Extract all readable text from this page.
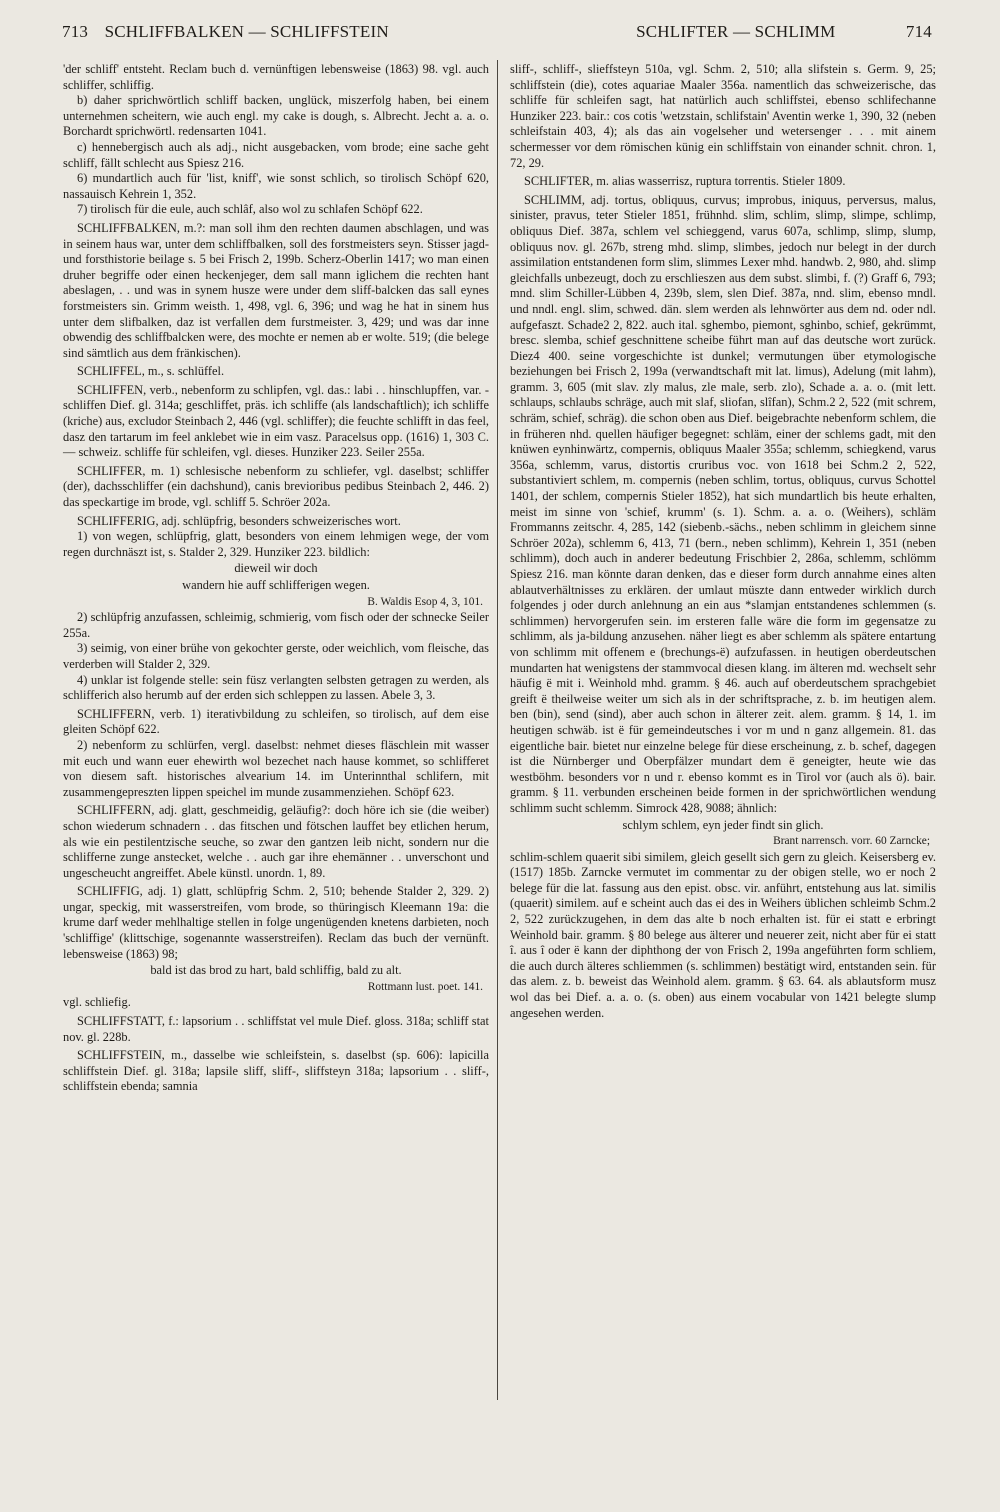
713 SCHLIFFBALKEN — SCHLIFFSTEIN	SCHLIFTER — SCHLIMM	714

'der schliff' entsteht. Reclam buch d. vernünftigen lebensweise (1863) 98. vgl. auch schliffer, schliffig.

b) daher sprichwörtlich schliff backen, unglück, miszerfolg haben, bei einem unternehmen scheitern, wie auch engl. my cake is dough, s. Albrecht. Jecht a. a. o. Borchardt sprichwörtl. redensarten 1041.

c) hennebergisch auch als adj., nicht ausgebacken, vom brode; eine sache geht schliff, fällt schlecht aus Spiesz 216.

6) mundartlich auch für 'list, kniff', wie sonst schlich, so tirolisch Schöpf 620, nassauisch Kehrein 1, 352.

7) tirolisch für die eule, auch schlâf, also wol zu schlafen Schöpf 622.

SCHLIFFBALKEN, m.?: man soll ihm den rechten daumen abschlagen, und was in seinem haus war, unter dem schliffbalken, soll des forstmeisters seyn. Stisser jagd- und forsthistorie beilage s. 5 bei Frisch 2, 199b. Scherz-Oberlin 1417; wo man einen druher begriffe oder einen heckenjeger, dem sall mann iglichem die rechten hant abeslagen, . . und was in synem husze were under dem sliff-balcken das sall eynes forstmeisters sin. Grimm weisth. 1, 498, vgl. 6, 396; und wag he hat in sinem hus unter dem slifbalken, daz ist verfallen dem furstmeister. 3, 429; und was dar inne obwendig des schliffbalcken were, des mochte er nemen ab er wolte. 519; (die belege sind sämtlich aus dem fränkischen).

SCHLIFFEL, m., s. schlüffel.

SCHLIFFEN, verb., nebenform zu schlipfen, vgl. das.: labi . . hinschlupffen, var. -schliffen Dief. gl. 314a; geschliffet, präs. ich schliffe (als landschaftlich); ich schliffe (kriche) aus, excludor Steinbach 2, 446 (vgl. schliffer); die feuchte schlifft in das feel, dasz den tartarum im feel anklebet wie in eim vasz. Paracelsus opp. (1616) 1, 303 C. — schweiz. schliffe für schleifen, vgl. dieses. Hunziker 223. Seiler 255a.

SCHLIFFER, m. 1) schlesische nebenform zu schliefer, vgl. daselbst; schliffer (der), dachsschliffer (ein dachshund), canis brevioribus pedibus Steinbach 2, 446. 2) das speckartige im brode, vgl. schliff 5. Schröer 202a.

SCHLIFFERIG, adj. schlüpfrig, besonders schweizerisches wort.

1) von wegen, schlüpfrig, glatt, besonders von einem lehmigen wege, der vom regen durchnäszt ist, s. Stalder 2, 329. Hunziker 223. bildlich:

dieweil wir doch

wandern hie auff schlifferigen wegen.

B. Waldis Esop 4, 3, 101.

2) schlüpfrig anzufassen, schleimig, schmierig, vom fisch oder der schnecke Seiler 255a.

3) seimig, von einer brühe von gekochter gerste, oder weichlich, vom fleische, das verderben will Stalder 2, 329.

4) unklar ist folgende stelle: sein füsz verlangten selbsten getragen zu werden, als schlifferich also herumb auf der erden sich schleppen zu lassen. Abele 3, 3.

SCHLIFFERN, verb. 1) iterativbildung zu schleifen, so tirolisch, auf dem eise gleiten Schöpf 622.

2) nebenform zu schlürfen, vergl. daselbst: nehmet dieses fläschlein mit wasser mit euch und wann euer ehewirth wol bezechet nach hause kommet, so schlifferet von diesem saft. historisches alvearium 14. im Unterinnthal schlifern, mit zusammengepreszten lippen speichel im munde zusammenziehen. Schöpf 623.

SCHLIFFERN, adj. glatt, geschmeidig, geläufig?: doch höre ich sie (die weiber) schon wiederum schnadern . . das fitschen und fötschen lauffet bey etlichen herum, als wie ein pestilentzische seuche, so zwar den gantzen leib nicht, sondern nur die schlifferne zunge anstecket, welche . . auch gar ihre ehemänner . . unverschont und ungescheucht angreiffet. Abele künstl. unordn. 1, 89.

SCHLIFFIG, adj. 1) glatt, schlüpfrig Schm. 2, 510; behende Stalder 2, 329. 2) ungar, speckig, mit wasserstreifen, vom brode, so thüringisch Kleemann 19a: die krume darf weder mehlhaltige stellen in folge ungenügenden knetens darbieten, noch 'schliffige' (klittschige, sogenannte wasserstreifen). Reclam das buch der vernünft. lebensweise (1863) 98;

bald ist das brod zu hart, bald schliffig, bald zu alt.

Rottmann lust. poet. 141.

vgl. schliefig.

SCHLIFFSTATT, f.: lapsorium . . schliffstat vel mule Dief. gloss. 318a; schliff stat nov. gl. 228b.

SCHLIFFSTEIN, m., dasselbe wie schleifstein, s. daselbst (sp. 606): lapicilla schliffstein Dief. gl. 318a; lapsile sliff, sliff-, sliffsteyn 318a; lapsorium . . sliff-, schliffstein ebenda; samnia

sliff-, schliff-, slieffsteyn 510a, vgl. Schm. 2, 510; alla slifstein s. Germ. 9, 25; schliffstein (die), cotes aquariae Maaler 356a. namentlich das schweizerische, das schliffe für schleifen sagt, hat natürlich auch schliffstei, ebenso schlifechanne Hunziker 223. bair.: cos cotis 'wetzstain, schlifstain' Aventin werke 1, 390, 32 (neben schleifstain 403, 4); als das ain vogelseher und wetersenger . . . mit ainem schermesser vor dem römischen künig ein schliffstain von einander schnit. chron. 1, 72, 29.

SCHLIFTER, m. alias wasserrisz, ruptura torrentis. Stieler 1809.

SCHLIMM, adj. tortus, obliquus, curvus; improbus, iniquus, perversus, malus, sinister, pravus, teter Stieler 1851, frühnhd. slim, schlim, slimp, slimpe, schlimp, obliquus Dief. 387a, schlem vel schieggend, varus 607a, schlimp, slimp, slump, obliquus nov. gl. 267b, streng mhd. slimp, slimbes, jedoch nur belegt in der durch assimilation entstandenen form slim, slimmes Lexer mhd. handwb. 2, 980, ahd. slimp gleichfalls unbezeugt, doch zu erschlieszen aus dem subst. slimbi, f. (?) Graff 6, 793; mnd. slim Schiller-Lübben 4, 239b, slem, slen Dief. 387a, nnd. slim, ebenso mndl. und nndl. engl. slim, schwed. dän. slem werden als lehnwörter aus dem nd. oder ndl. aufgefaszt. Schade2 2, 822. auch ital. sghembo, piemont, sghinbo, schief, gekrümmt, bresc. slemba, schief geschnittene scheibe führt man auf das deutsche wort zurück. Diez4 400. seine vorgeschichte ist dunkel; vermutungen über etymologische beziehungen bei Frisch 2, 199a (verwandtschaft mit lat. limus), Adelung (mit lahm), gramm. 3, 605 (mit slav. zly malus, zle male, serb. zlo), Schade a. a. o. (mit lett. schlaups, schlaubs schräge, auch mit slaf, sliofan, slîfan), Schm.2 2, 522 (mit schrem, schräm, schief, schräg). die schon oben aus Dief. beigebrachte nebenform schlem, die in früheren nhd. quellen häufiger begegnet: schläm, einer der schlems gadt, mit den knüwen eynhinwärtz, compernis, obliquus Maaler 355a; schlemm, schiegkend, varus 356a, schlemm, varus, distortis cruribus voc. von 1618 bei Schm.2 2, 522, substantiviert schlem, m. compernis (neben schlim, tortus, obliquus, curvus Schottel 1401, der schlem, compernis Stieler 1852), hat sich mundartlich bis heute erhalten, meist im sinne von 'schief, krumm' (s. 1). Schm. a. a. o. (Weihers), schläm Frommanns zeitschr. 4, 285, 142 (siebenb.-sächs., neben schlimm in gleichem sinne Schröer 202a), schlemm 6, 413, 71 (bern., neben schlimm), Kehrein 1, 351 (neben schlimm), doch auch in anderer bedeutung Frischbier 2, 286a, schlemm, schlömm Spiesz 216. man könnte daran denken, das e dieser form durch annahme eines alten ablautverhältnisses zu erklären. der umlaut müszte dann entweder wirklich durch folgendes j oder durch anlehnung an ein aus *slamjan entstandenes schlemmen (s. schlimmen) hervorgerufen sein. im ersteren falle wäre die form im gegensatze zu schlimm, als ja-bildung anzusehen. näher liegt es aber schlemm als spätere entartung von schlimm mit offenem e (brechungs-ë) aufzufassen. in heutigen oberdeutschen mundarten hat wenigstens der stammvocal diesen klang. im älteren md. wechselt sehr häufig ë mit i. Weinhold mhd. gramm. § 46. auch auf oberdeutschem sprachgebiet greift ë theilweise weiter um sich als in der schriftsprache, z. b. im heutigen alem. ben (bin), send (sind), aber auch schon in älterer zeit. alem. gramm. § 14, 1. im heutigen schwäb. ist ë für gemeindeutsches i vor m und n ganz allgemein. 81. das eigentliche bair. bietet nur einzelne belege für diese erscheinung, z. b. schef, dagegen ist die Nürnberger und Oberpfälzer mundart dem ë geneigter, heute wie das westböhm. besonders vor n und r. ebenso kommt es in Tirol vor (auch als ö). bair. gramm. § 11. verbunden erscheinen beide formen in der sprichwörtlichen wendung schlimm sucht schlemm. Simrock 428, 9088; ähnlich:

schlym schlem, eyn jeder findt sin glich.

Brant narrensch. vorr. 60 Zarncke;

schlim-schlem quaerit sibi similem, gleich gesellt sich gern zu gleich. Keisersberg ev. (1517) 185b. Zarncke vermutet im commentar zu der obigen stelle, wo er noch 2 belege für die lat. fassung aus den epist. obsc. vir. anführt, entstehung aus lat. similis (quaerit) similem. auf e scheint auch das ei des in Weihers üblichen schleimb Schm.2 2, 522 zurückzugehen, in dem das alte b noch erhalten ist. für ei statt e erbringt Weinhold bair. gramm. § 80 belege aus älterer und neuerer zeit, nicht aber für ei statt î. aus î oder ë kann der diphthong der von Frisch 2, 199a angeführten form schliem, die auch durch älteres schliemmen (s. schlimmen) bestätigt wird, entstanden sein. für das alem. z. b. beweist das Weinhold alem. gramm. § 63. 64. als ablautsform musz wol das bei Dief. a. a. o. (s. oben) aus einem vocabular von 1421 belegte slump angesehen werden.
